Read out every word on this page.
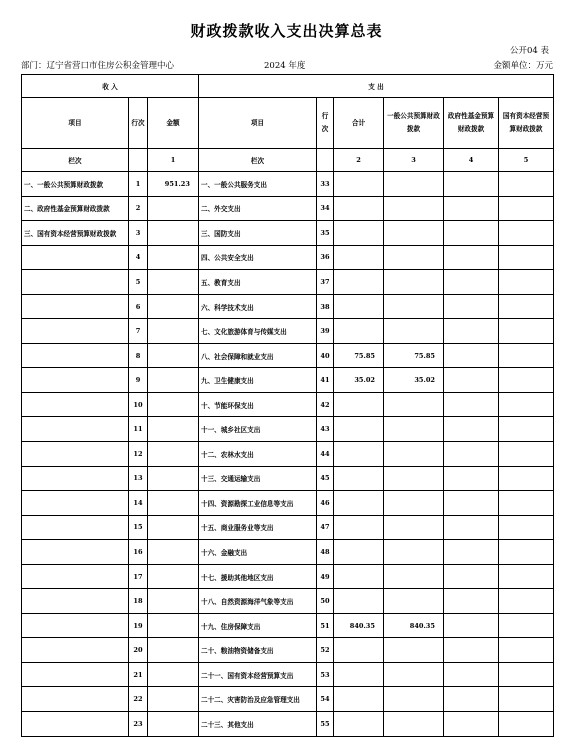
财政拨款收入支出决算总表
公开04 表
部门：辽宁省营口市住房公积金管理中心	2024 年度	金额单位：万元
收 入			支 出					
项目	行次	金额	项目	行次	合计	一般公共预算财政拨款	政府性基金预算财政拨款	国有资本经营预算财政拨款
栏次		1	栏次		2	3	4	5
一、一般公共预算财政拨款	1	951.23	一、一般公共服务支出	33				
二、政府性基金预算财政拨款	2		二、外交支出	34				
三、国有资本经营预算财政拨款	3		三、国防支出	35				
	4		四、公共安全支出	36				
	5		五、教育支出	37				
	6		六、科学技术支出	38				
	7		七、文化旅游体育与传媒支出	39				
	8		八、社会保障和就业支出	40	75.85	75.85		
	9		九、卫生健康支出	41	35.02	35.02		
	10		十、节能环保支出	42				
	11		十一、城乡社区支出	43				
	12		十二、农林水支出	44				
	13		十三、交通运输支出	45				
	14		十四、资源勘探工业信息等支出	46				
	15		十五、商业服务业等支出	47				
	16		十六、金融支出	48				
	17		十七、援助其他地区支出	49				
	18		十八、自然资源海洋气象等支出	50				
	19		十九、住房保障支出	51	840.35	840.35		
	20		二十、粮油物资储备支出	52				
	21		二十一、国有资本经营预算支出	53				
	22		二十二、灾害防治及应急管理支出	54				
	23		二十三、其他支出	55				
